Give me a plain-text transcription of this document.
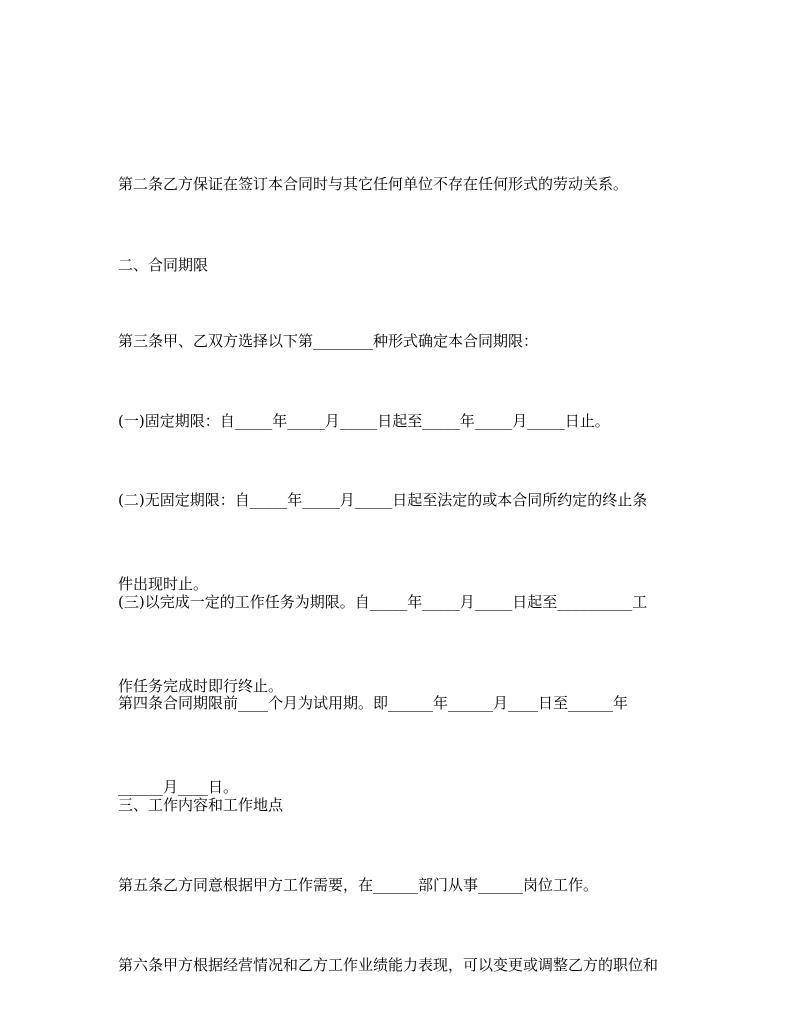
第二条乙方保证在签订本合同时与其它任何单位不存在任何形式的劳动关系。

二、合同期限

第三条甲、乙双方选择以下第________种形式确定本合同期限：

(一)固定期限：自_____年_____月_____日起至_____年_____月_____日止。

(二)无固定期限：自_____年_____月_____日起至法定的或本合同所约定的终止条

件出现时止。

(三)以完成一定的工作任务为期限。自_____年_____月_____日起至__________工

作任务完成时即行终止。

第四条合同期限前____个月为试用期。即______年______月____日至______年

______月____日。

三、工作内容和工作地点

第五条乙方同意根据甲方工作需要，在______部门从事______岗位工作。

第六条甲方根据经营情况和乙方工作业绩能力表现，可以变更或调整乙方的职位和
